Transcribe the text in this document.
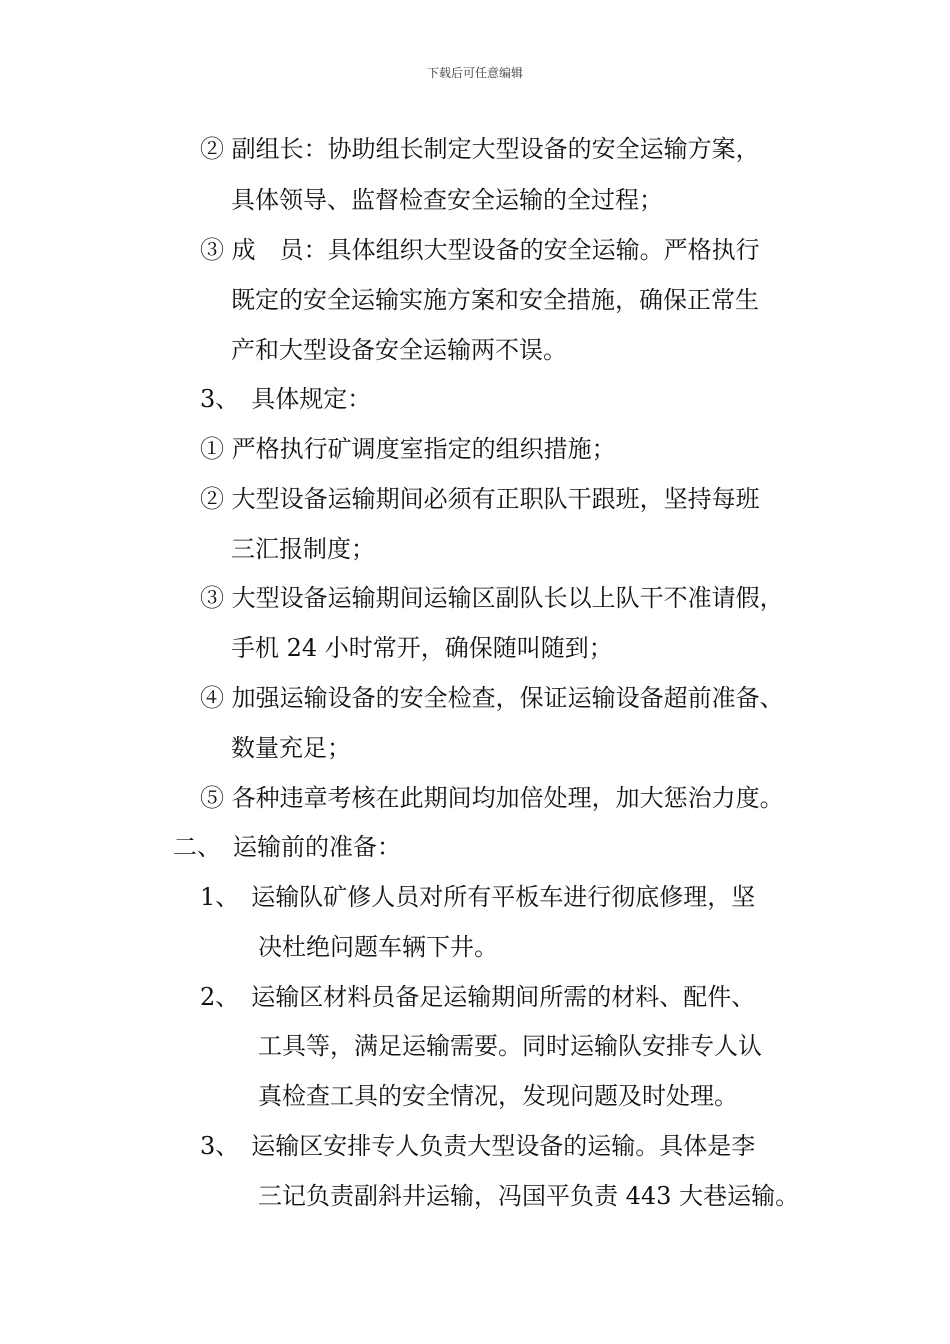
下载后可任意编辑
② 副组长：协助组长制定大型设备的安全运输方案，
具体领导、监督检查安全运输的全过程；
③ 成　员：具体组织大型设备的安全运输。严格执行
既定的安全运输实施方案和安全措施，确保正常生
产和大型设备安全运输两不误。
3、　具体规定：
① 严格执行矿调度室指定的组织措施；
② 大型设备运输期间必须有正职队干跟班，坚持每班
三汇报制度；
③ 大型设备运输期间运输区副队长以上队干不准请假，
手机 24 小时常开，确保随叫随到；
④ 加强运输设备的安全检查，保证运输设备超前准备、
数量充足；
⑤ 各种违章考核在此期间均加倍处理，加大惩治力度。
二、　运输前的准备：
1、　运输队矿修人员对所有平板车进行彻底修理，坚
决杜绝问题车辆下井。
2、　运输区材料员备足运输期间所需的材料、配件、
工具等，满足运输需要。同时运输队安排专人认
真检查工具的安全情况，发现问题及时处理。
3、　运输区安排专人负责大型设备的运输。具体是李
三记负责副斜井运输，冯国平负责 443 大巷运输。
